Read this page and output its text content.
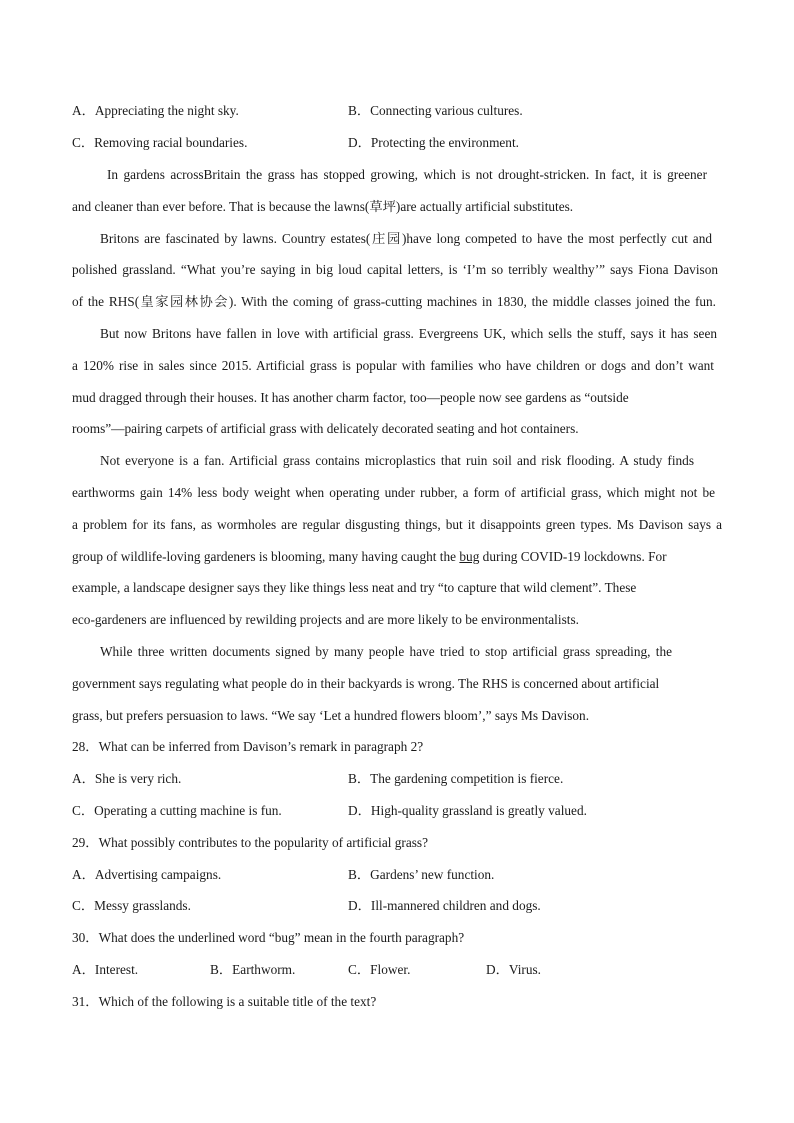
A．Appreciating the night sky.	B．Connecting various cultures.
C．Removing racial boundaries.	D．Protecting the environment.
In gardens acrossBritain the grass has stopped growing, which is not drought-stricken. In fact, it is greener
and cleaner than ever before. That is because the lawns(草坪)are actually artificial substitutes.
Britons are fascinated by lawns. Country estates(庄园)have long competed to have the most perfectly cut and
polished grassland. “What you’re saying in big loud capital letters, is ‘I’m so terribly wealthy’” says Fiona Davison
of the RHS(皇家园林协会). With the coming of grass-cutting machines in 1830, the middle classes joined the fun.
But now Britons have fallen in love with artificial grass. Evergreens UK, which sells the stuff, says it has seen
a 120% rise in sales since 2015. Artificial grass is popular with families who have children or dogs and don’t want
mud dragged through their houses. It has another charm factor, too—people now see gardens as “outside
rooms”—pairing carpets of artificial grass with delicately decorated seating and hot containers.
Not everyone is a fan. Artificial grass contains microplastics that ruin soil and risk flooding. A study finds
earthworms gain 14% less body weight when operating under rubber, a form of artificial grass, which might not be
a problem for its fans, as wormholes are regular disgusting things, but it disappoints green types. Ms Davison says a
group of wildlife-loving gardeners is blooming, many having caught the bug during COVID-19 lockdowns. For
example, a landscape designer says they like things less neat and try “to capture that wild clement”. These
eco-gardeners are influenced by rewilding projects and are more likely to be environmentalists.
While three written documents signed by many people have tried to stop artificial grass spreading, the
government says regulating what people do in their backyards is wrong. The RHS is concerned about artificial
grass, but prefers persuasion to laws. “We say ‘Let a hundred flowers bloom’,” says Ms Davison.
28．What can be inferred from Davison’s remark in paragraph 2?
A．She is very rich.	B．The gardening competition is fierce.
C．Operating a cutting machine is fun.	D．High-quality grassland is greatly valued.
29．What possibly contributes to the popularity of artificial grass?
A．Advertising campaigns.	B．Gardens’ new function.
C．Messy grasslands.	D．Ill-mannered children and dogs.
30．What does the underlined word “bug” mean in the fourth paragraph?
A．Interest.	B．Earthworm.	C．Flower.	D．Virus.
31．Which of the following is a suitable title of the text?
